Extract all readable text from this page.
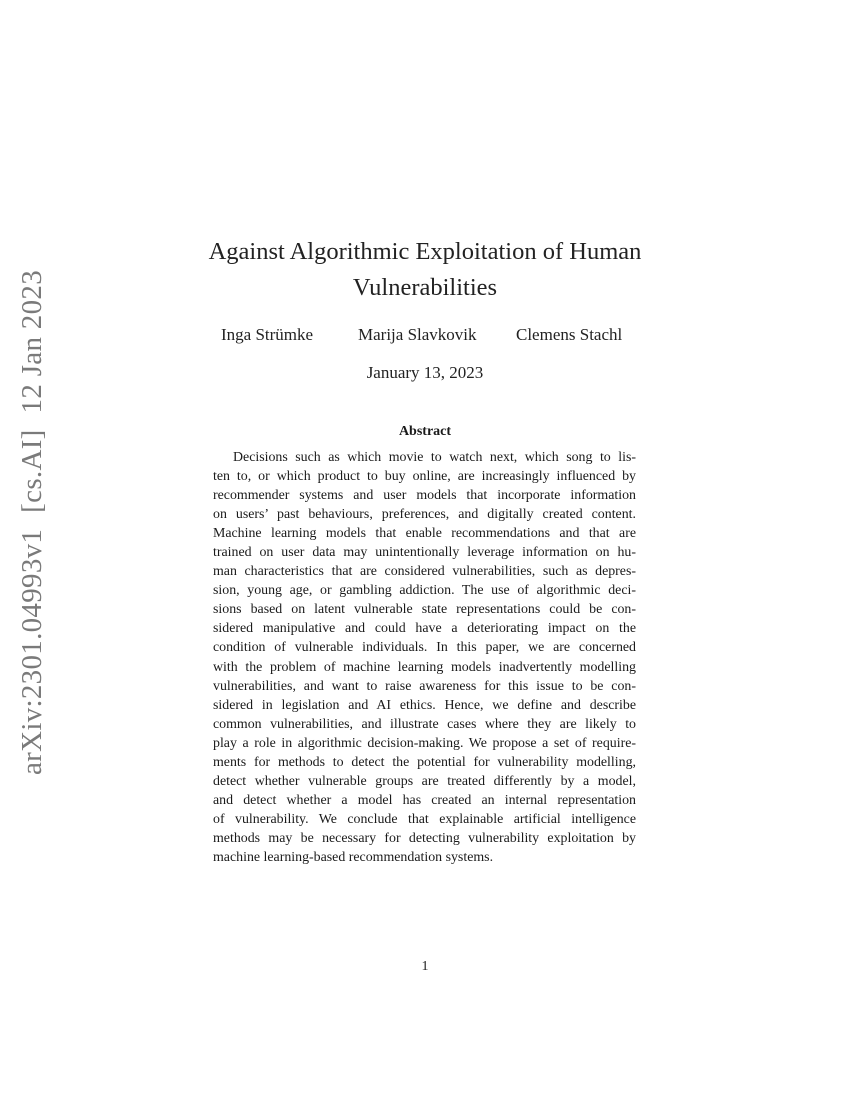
arXiv:2301.04993v1[cs.AI]12 Jan 2023
Against Algorithmic Exploitation of Human
Vulnerabilities
Inga Strümke	Marija Slavkovik Clemens Stachl
January 13, 2023
Abstract
Decisions such as which movie to watch next, which song to lis-
ten to, or which product to buy online, are increasingly influenced by
recommender systems and user models that incorporate information
on users’ past behaviours, preferences, and digitally created content.
Machine learning models that enable recommendations and that are
trained on user data may unintentionally leverage information on hu-
man characteristics that are considered vulnerabilities, such as depres-
sion, young age, or gambling addiction. The use of algorithmic deci-
sions based on latent vulnerable state representations could be con-
sidered manipulative and could have a deteriorating impact on the
condition of vulnerable individuals. In this paper, we are concerned
with the problem of machine learning models inadvertently modelling
vulnerabilities, and want to raise awareness for this issue to be con-
sidered in legislation and AI ethics. Hence, we define and describe
common vulnerabilities, and illustrate cases where they are likely to
play a role in algorithmic decision-making. We propose a set of require-
ments for methods to detect the potential for vulnerability modelling,
detect whether vulnerable groups are treated differently by a model,
and detect whether a model has created an internal representation
of vulnerability. We conclude that explainable artificial intelligence
methods may be necessary for detecting vulnerability exploitation by
machine learning-based recommendation systems.
1
